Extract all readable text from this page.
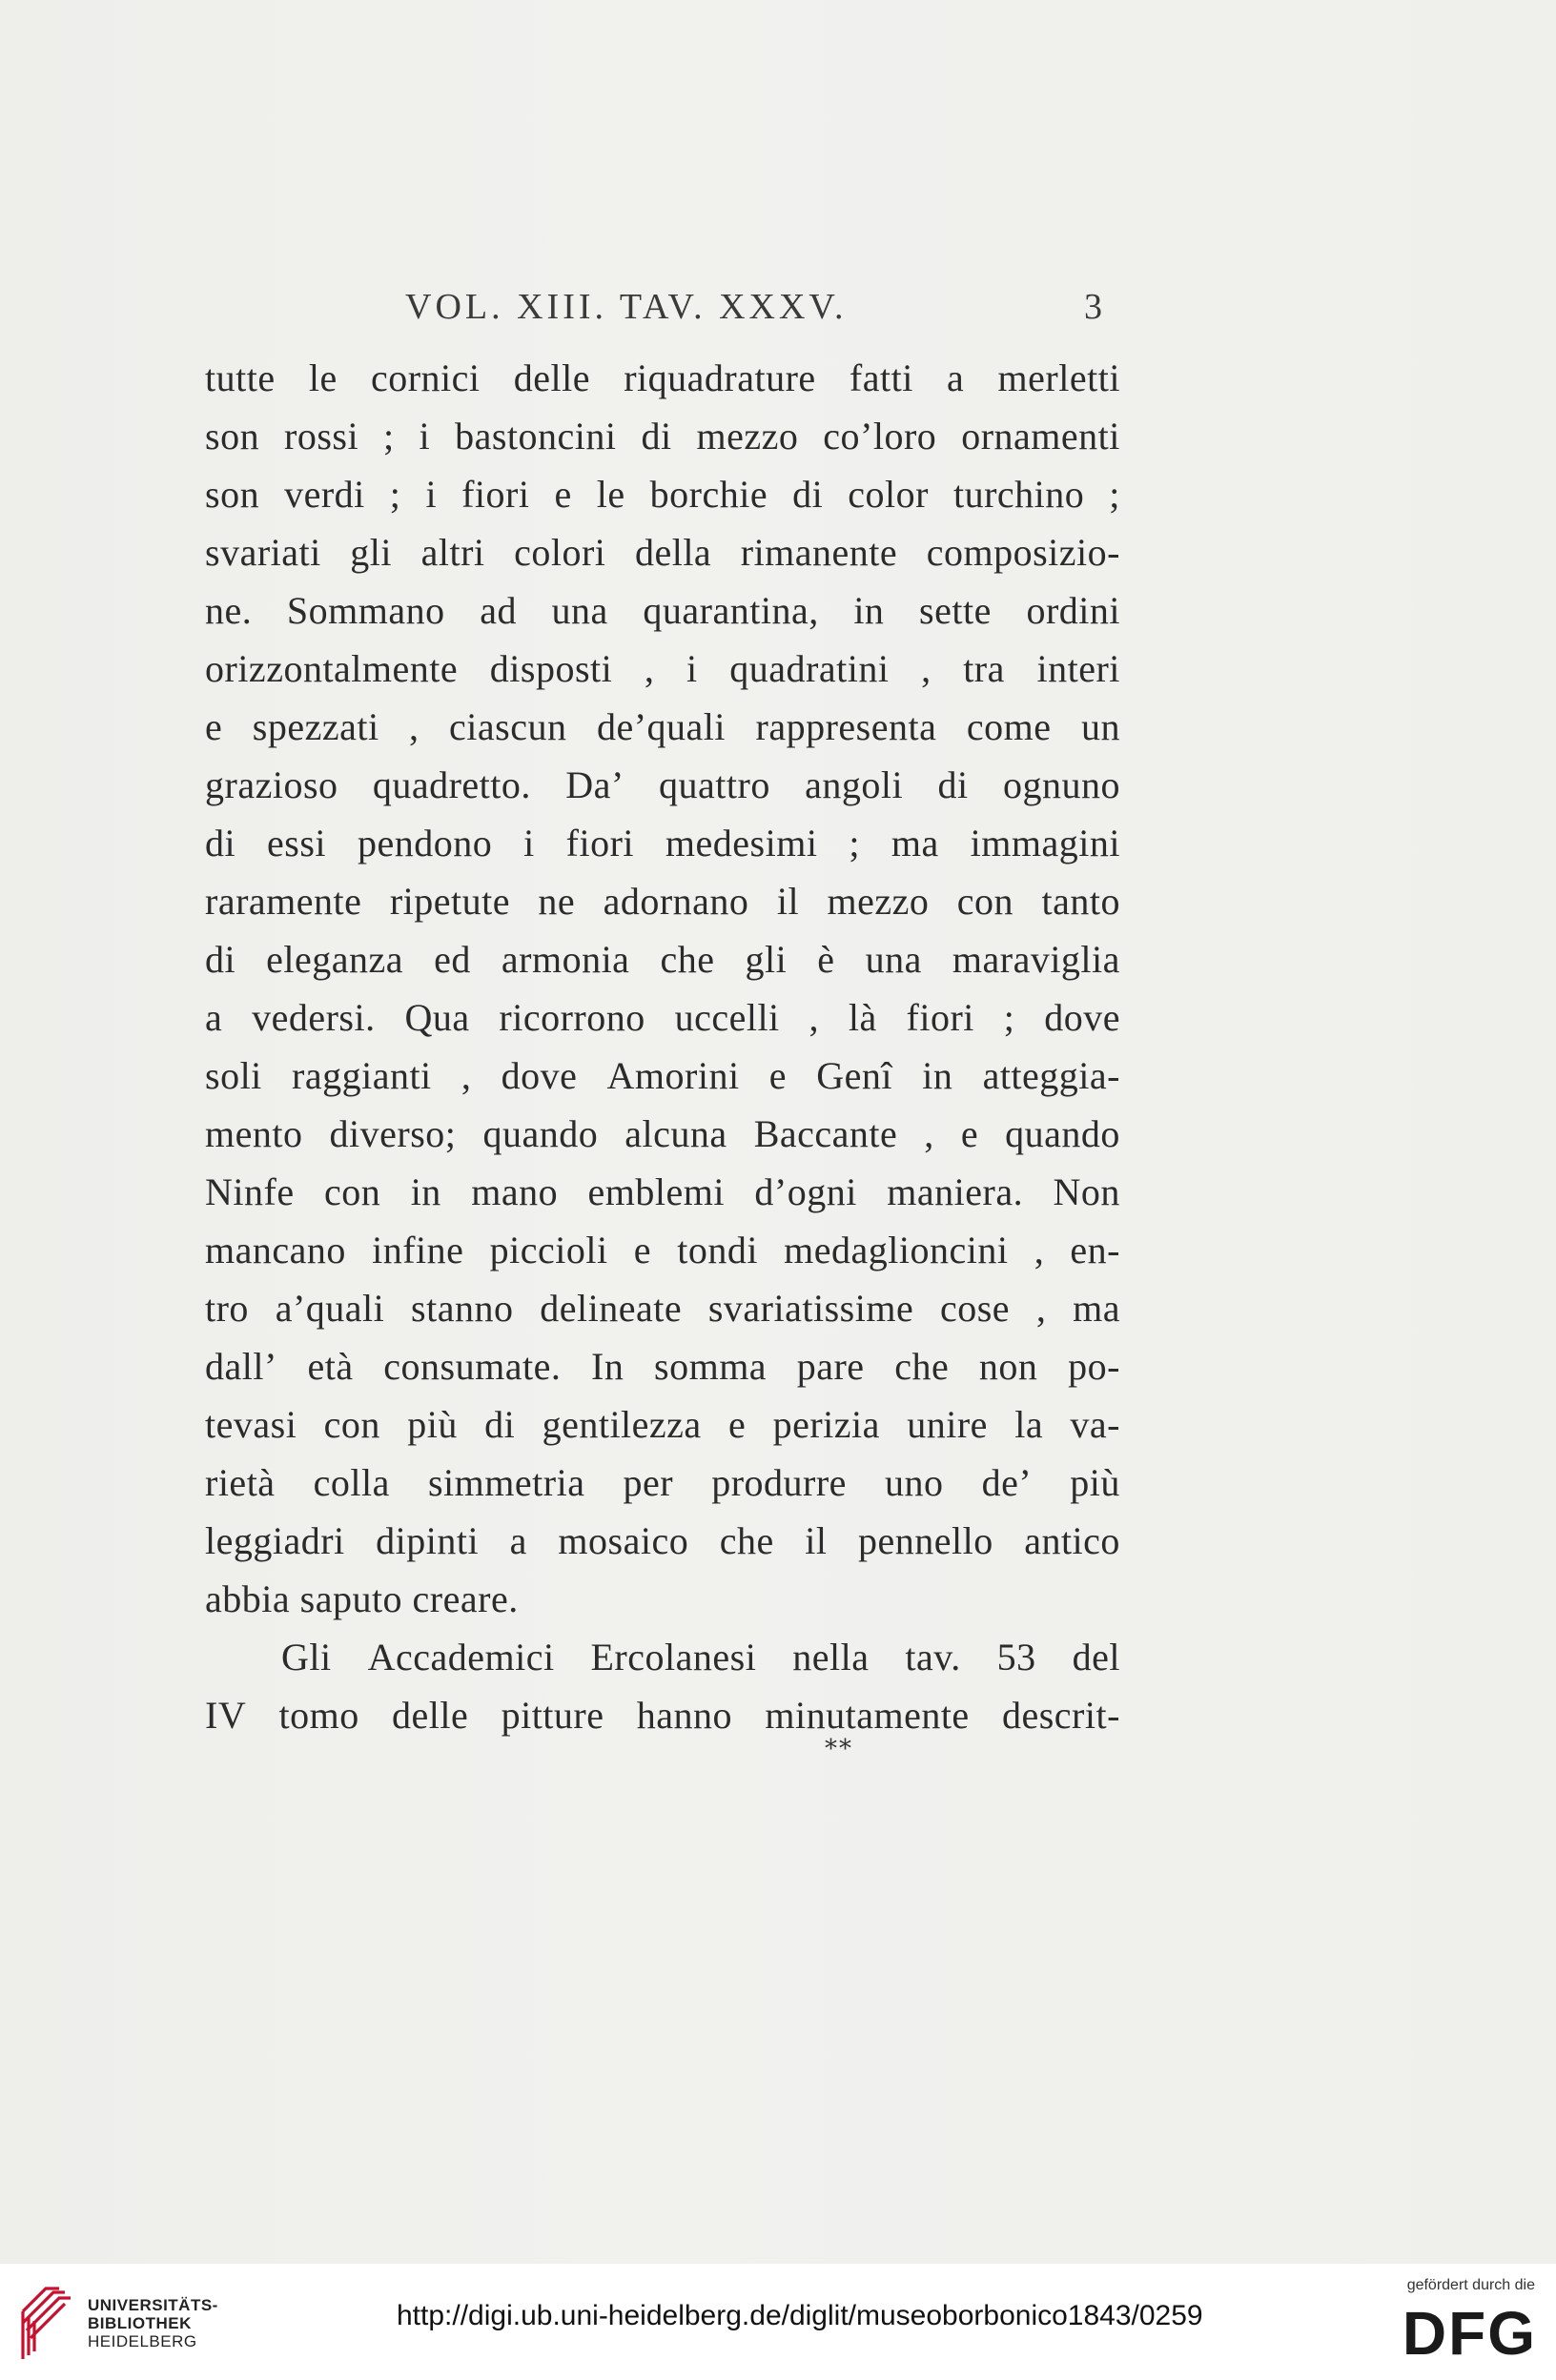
VOL. XIII. TAV. XXXV.	3
tutte le cornici delle riquadrature fatti a merletti
son rossi ; i bastoncini di mezzo co’loro ornamenti
son verdi ; i fiori e le borchie di color turchino ;
svariati gli altri colori della rimanente composizio-
ne. Sommano ad una quarantina, in sette ordini
orizzontalmente disposti , i quadratini , tra interi
e spezzati , ciascun de’quali rappresenta come un
grazioso quadretto. Da’ quattro angoli di ognuno
di essi pendono i fiori medesimi ; ma immagini
raramente ripetute ne adornano il mezzo con tanto
di eleganza ed armonia che gli è una maraviglia
a vedersi. Qua ricorrono uccelli , là fiori ; dove
soli raggianti , dove Amorini e Genî in atteggia-
mento diverso; quando alcuna Baccante , e quando
Ninfe con in mano emblemi d’ogni maniera. Non
mancano infine piccioli e tondi medaglioncini , en-
tro a’quali stanno delineate svariatissime cose , ma
dall’ età consumate. In somma pare che non po-
tevasi con più di gentilezza e perizia unire la va-
rietà colla simmetria per produrre uno de’ più
leggiadri dipinti a mosaico che il pennello antico
abbia saputo creare.
Gli Accademici Ercolanesi nella tav. 53 del
IV tomo delle pitture hanno minutamente descrit-
**
UNIVERSITÄTS-
BIBLIOTHEK
HEIDELBERG
http://digi.ub.uni-heidelberg.de/diglit/museoborbonico1843/0259
gefördert durch die
DFG
